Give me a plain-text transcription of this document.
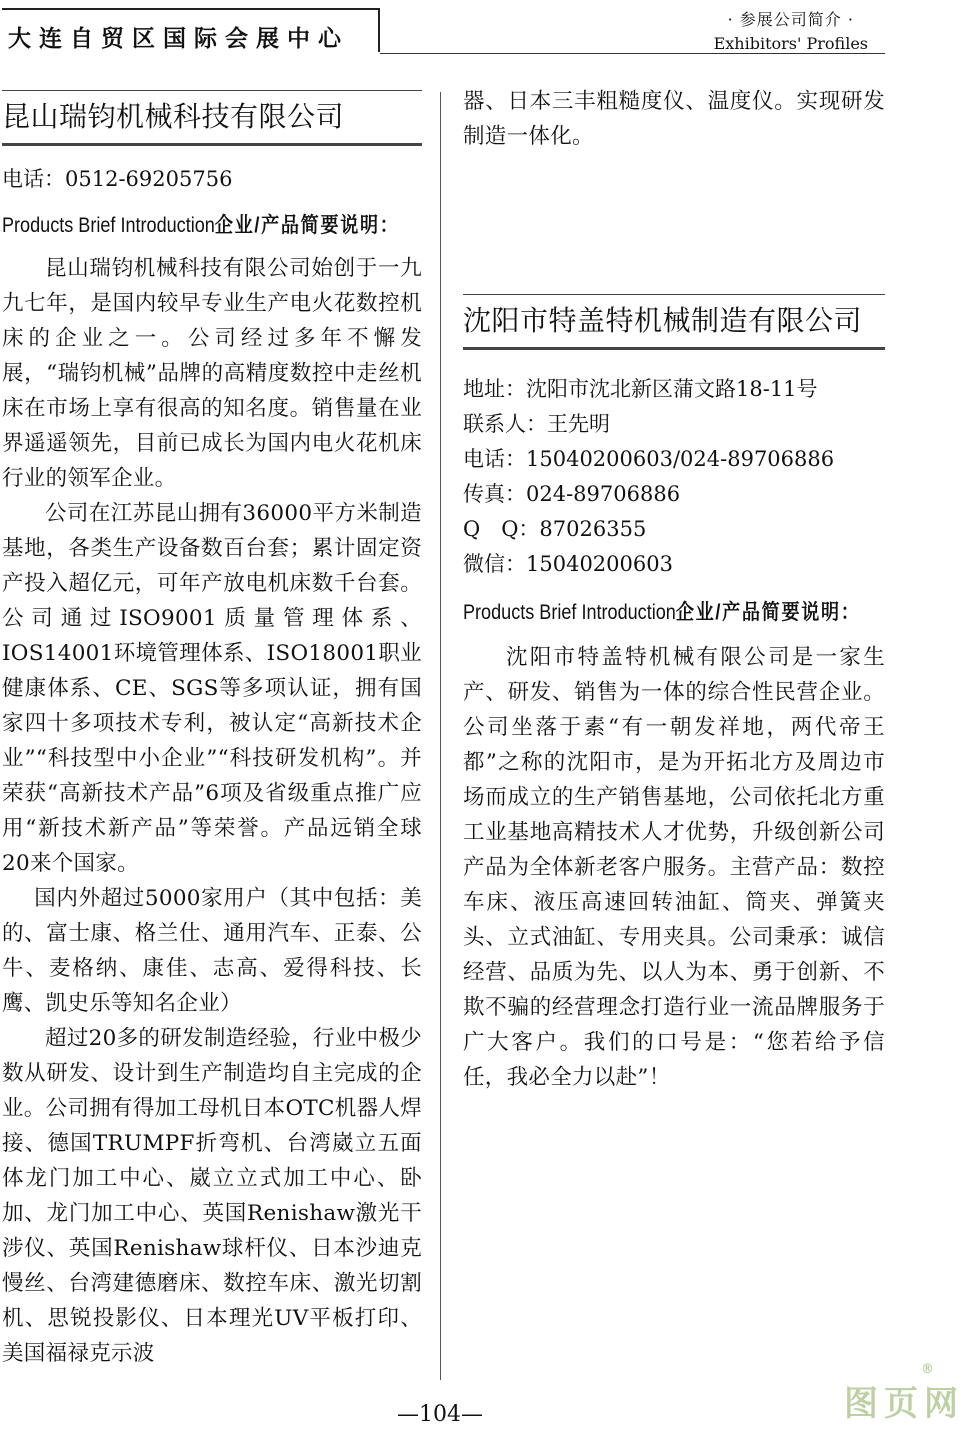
大连自贸区国际会展中心
· 参展公司简介 ·
Exhibitors' Profiles
昆山瑞钧机械科技有限公司
电话：0512-69205756
Products Brief Introduction企业/产品简要说明：

昆山瑞钧机械科技有限公司始创于一九九七年，是国内较早专业生产电火花数控机床的企业之一。公司经过多年不懈发展，“瑞钧机械”品牌的高精度数控中走丝机床在市场上享有很高的知名度。销售量在业界遥遥领先，目前已成长为国内电火花机床行业的领军企业。

公司在江苏昆山拥有36000平方米制造基地，各类生产设备数百台套；累计固定资产投入超亿元，可年产放电机床数千台套。公司通过ISO9001质量管理体系、IOS14001环境管理体系、ISO18001职业健康体系、CE、SGS等多项认证，拥有国家四十多项技术专利，被认定“高新技术企业”“科技型中小企业”“科技研发机构”。并荣获“高新技术产品”6项及省级重点推广应用“新技术新产品”等荣誉。产品远销全球20来个国家。

国内外超过5000家用户（其中包括：美的、富士康、格兰仕、通用汽车、正泰、公牛、麦格纳、康佳、志高、爱得科技、长鹰、凯史乐等知名企业）

超过20多的研发制造经验，行业中极少数从研发、设计到生产制造均自主完成的企业。公司拥有得加工母机日本OTC机器人焊接、德国TRUMPF折弯机、台湾崴立五面体龙门加工中心、崴立立式加工中心、卧加、龙门加工中心、英国Renishaw激光干涉仪、英国Renishaw球杆仪、日本沙迪克慢丝、台湾建德磨床、数控车床、激光切割机、思锐投影仪、日本理光UV平板打印、美国福禄克示波

器、日本三丰粗糙度仪、温度仪。实现研发制造一体化。

沈阳市特盖特机械制造有限公司
地址：沈阳市沈北新区蒲文路18-11号
联系人：王先明
电话：15040200603/024-89706886
传真：024-89706886
Q　Q：87026355
微信：15040200603
Products Brief Introduction企业/产品简要说明：

沈阳市特盖特机械有限公司是一家生产、研发、销售为一体的综合性民营企业。公司坐落于素“有一朝发祥地，两代帝王都”之称的沈阳市，是为开拓北方及周边市场而成立的生产销售基地，公司依托北方重工业基地高精技术人才优势，升级创新公司产品为全体新老客户服务。主营产品：数控车床、液压高速回转油缸、筒夹、弹簧夹头、立式油缸、专用夹具。公司秉承：诚信经营、品质为先、以人为本、勇于创新、不欺不骗的经营理念打造行业一流品牌服务于广大客户。我们的口号是：“您若给予信任，我必全力以赴”！

—104—	图页网
®
